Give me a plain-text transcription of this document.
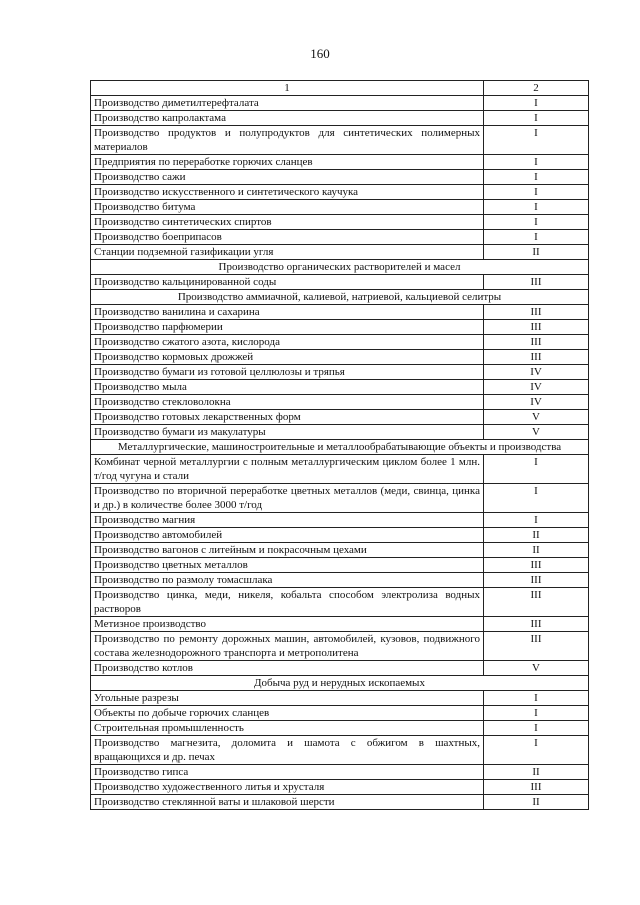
160
1	2
Производство диметилтерефталата	I
Производство капролактама	I
Производство продуктов и полупродуктов для синтетических полимерных материалов	I
Предприятия по переработке горючих сланцев	I
Производство сажи	I
Производство искусственного и синтетического каучука	I
Производство битума	I
Производство синтетических спиртов	I
Производство боеприпасов	I
Станции подземной газификации угля	II
Производство органических растворителей и масел	
Производство кальцинированной соды	III
Производство аммиачной, калиевой, натриевой, кальциевой селитры	
Производство ванилина и сахарина	III
Производство парфюмерии	III
Производство сжатого азота, кислорода	III
Производство кормовых дрожжей	III
Производство бумаги из готовой целлюлозы и тряпья	IV
Производство мыла	IV
Производство стекловолокна	IV
Производство готовых лекарственных форм	V
Производство бумаги из макулатуры	V
Металлургические, машиностроительные и металлообрабатывающие объекты и производства	
Комбинат черной металлургии с полным металлургическим циклом более 1 млн. т/год чугуна и стали	I
Производство по вторичной переработке цветных металлов (меди, свинца, цинка и др.) в количестве более 3000 т/год	I
Производство магния	I
Производство автомобилей	II
Производство вагонов с литейным и покрасочным цехами	II
Производство цветных металлов	III
Производство по размолу томасшлака	III
Производство цинка, меди, никеля, кобальта способом электролиза водных растворов	III
Метизное производство	III
Производство по ремонту дорожных машин, автомобилей, кузовов, подвижного состава железнодорожного транспорта и метрополитена	III
Производство котлов	V
Добыча руд и нерудных ископаемых	
Угольные разрезы	I
Объекты по добыче горючих сланцев	I
Строительная промышленность	I
Производство магнезита, доломита и шамота с обжигом в шахтных, вращающихся и др. печах	I
Производство гипса	II
Производство художественного литья и хрусталя	III
Производство стеклянной ваты и шлаковой шерсти	II
